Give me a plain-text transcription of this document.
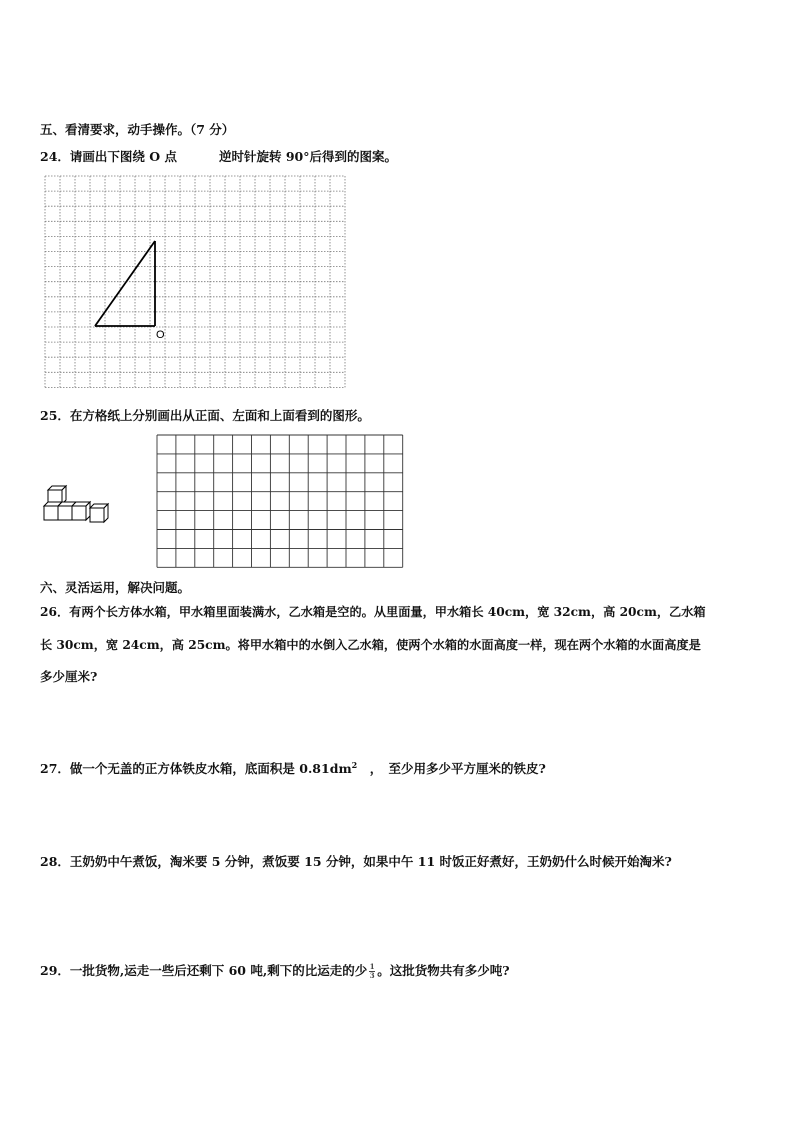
五、看清要求，动手操作。（7 分）
24．请画出下图绕 O 点	逆时针旋转 90°后得到的图案。
O
25．在方格纸上分别画出从正面、左面和上面看到的图形。
六、灵活运用，解决问题。
26．有两个长方体水箱，甲水箱里面装满水，乙水箱是空的。从里面量，甲水箱长 40cm，宽 32cm，高 20cm，乙水箱
长 30cm，宽 24cm，高 25cm。将甲水箱中的水倒入乙水箱，使两个水箱的水面高度一样，现在两个水箱的水面高度是
多少厘米?
27．做一个无盖的正方体铁皮水箱，底面积是 $0.81dm^2$　，　至少用多少平方厘米的铁皮?
28．王奶奶中午煮饭，淘米要 5 分钟，煮饭要 15 分钟，如果中午 11 时饭正好煮好，王奶奶什么时候开始淘米?
29．一批货物,运走一些后还剩下 60 吨,剩下的比运走的少 $\frac{1}{3}$ 。这批货物共有多少吨?
